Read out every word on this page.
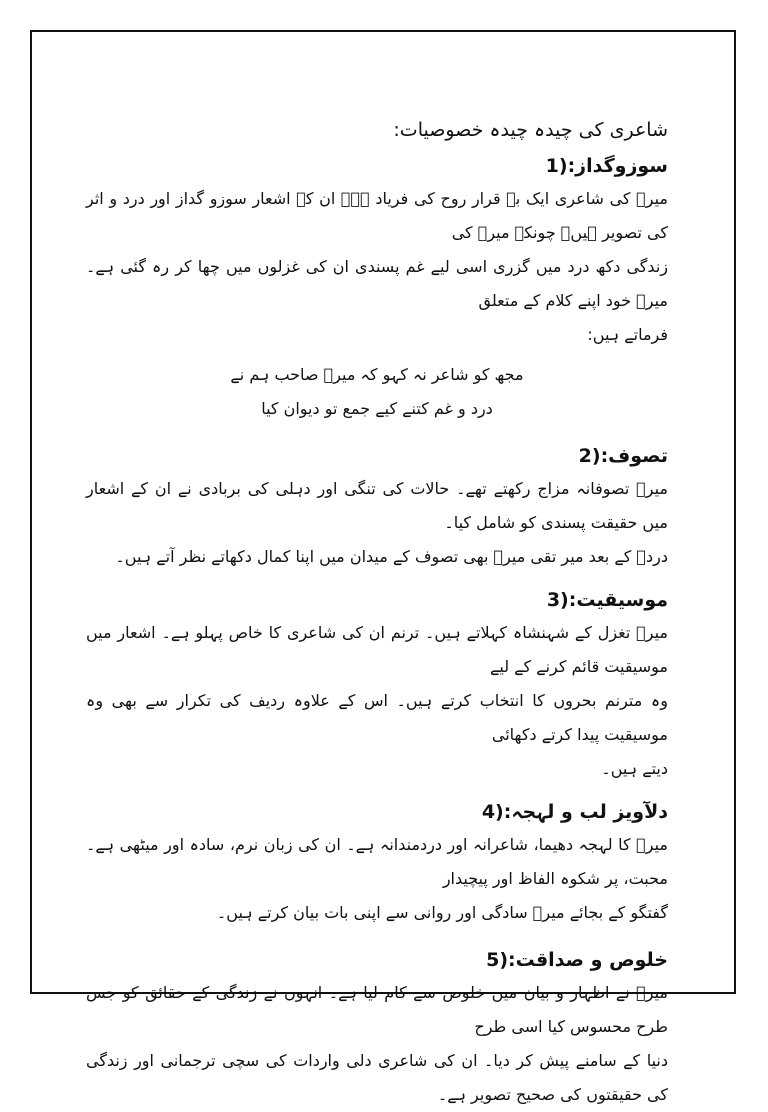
شاعری کی چیدہ چیدہ خصوصیات:
سوزوگداز:1)

میرؔ کی شاعری ایک بے قرار روح کی فریاد ہے۔ ان کے اشعار سوزو گداز اور درد و اثر کی تصویر ہیں۔ چونکہ میرؔ کی
زندگی دکھ درد میں گزری اسی لیے غم پسندی ان کی غزلوں میں چھا کر رہ گئی ہے۔ میرؔ خود اپنے کلام کے متعلق
فرماتے ہیں:

مجھ کو شاعر نہ کہو کہ میرؔ صاحب ہم نے
درد و غم کتنے کیے جمع تو دیوان کیا
تصوف:2)

میرؔ تصوفانہ مزاج رکھتے تھے۔ حالات کی تنگی اور دہلی کی بربادی نے ان کے اشعار میں حقیقت پسندی کو شامل کیا۔
دردؔ کے بعد میر تقی میرؔ بھی تصوف کے میدان میں اپنا کمال دکھاتے نظر آتے ہیں۔

موسیقیت:3)

میرؔ تغزل کے شہنشاہ کہلاتے ہیں۔ ترنم ان کی شاعری کا خاص پہلو ہے۔ اشعار میں موسیقیت قائم کرنے کے لیے
وہ مترنم بحروں کا انتخاب کرتے ہیں۔ اس کے علاوہ ردیف کی تکرار سے بھی وہ موسیقیت پیدا کرتے دکھائی
دیتے ہیں۔

دلآویز لب و لہجہ:4)

میرؔ کا لہجہ دھیما، شاعرانہ اور دردمندانہ ہے۔ ان کی زبان نرم، سادہ اور میٹھی ہے۔ محبت، پر شکوہ الفاظ اور پیچیدار
گفتگو کے بجائے میرؔ سادگی اور روانی سے اپنی بات بیان کرتے ہیں۔

خلوص و صداقت:5)

میرؔ نے اظہار و بیان میں خلوص سے کام لیا ہے۔ انہوں نے زندگی کے حقائق کو جس طرح محسوس کیا اسی طرح
دنیا کے سامنے پیش کر دیا۔ ان کی شاعری دلی واردات کی سچی ترجمانی اور زندگی کی حقیقتوں کی صحیح تصویر ہے۔
